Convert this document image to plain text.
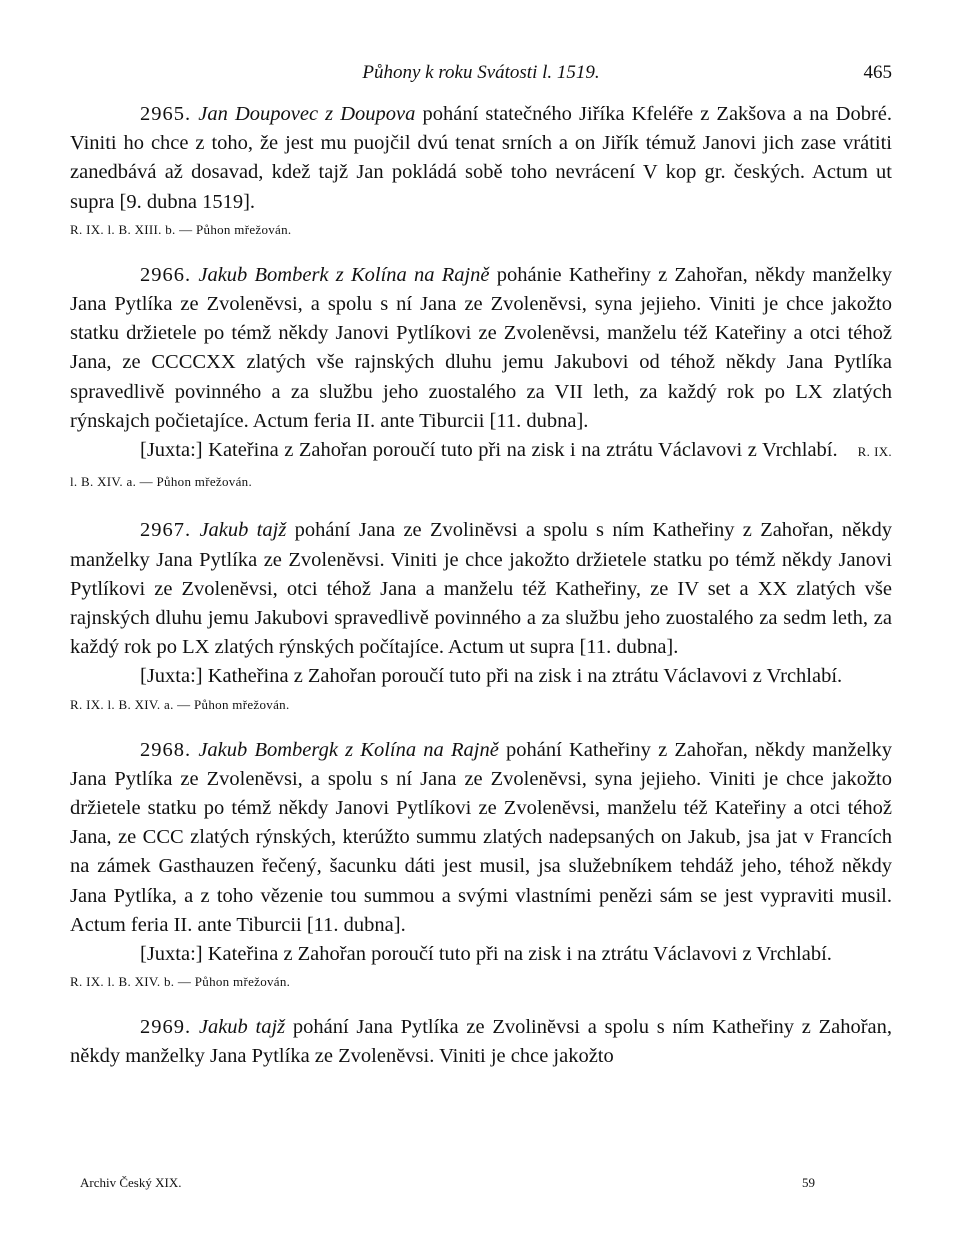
Půhony k roku Svátosti l. 1519.	465

2965. Jan Doupovec z Doupova pohání statečného Jiříka Kfeléře z Zakšova a na Dobré. Viniti ho chce z toho, že jest mu puojčil dvú tenat srních a on Jiřík témuž Janovi jich zase vrátiti zanedbává až dosavad, kdež tajž Jan pokládá sobě toho nevrácení V kop gr. českých. Actum ut supra [9. dubna 1519].

R. IX. l. B. XIII. b. — Půhon mřežován.

2966. Jakub Bomberk z Kolína na Rajně pohánie Katheřiny z Zahořan, někdy manželky Jana Pytlíka ze Zvolenĕvsi, a spolu s ní Jana ze Zvolenĕvsi, syna jejieho. Viniti je chce jakožto statku držietele po témž někdy Janovi Pytlíkovi ze Zvolenĕvsi, manželu též Kateřiny a otci téhož Jana, ze CCCCXX zlatých vše rajnských dluhu jemu Jakubovi od téhož někdy Jana Pytlíka spravedlivě povinného a za službu jeho zuostalého za VII leth, za každý rok po LX zlatých rýnskajch počietajíce. Actum feria II. ante Tiburcii [11. dubna].

[Juxta:] Kateřina z Zahořan poroučí tuto při na zisk i na ztrátu Václavovi z Vrchlabí. R. IX. l. B. XIV. a. — Půhon mřežován.

2967. Jakub tajž pohání Jana ze Zvolinĕvsi a spolu s ním Katheřiny z Zahořan, někdy manželky Jana Pytlíka ze Zvolenĕvsi. Viniti je chce jakožto držietele statku po témž někdy Janovi Pytlíkovi ze Zvolenĕvsi, otci téhož Jana a manželu též Katheřiny, ze IV set a XX zlatých vše rajnských dluhu jemu Jakubovi spravedlivě povinného a za službu jeho zuostalého za sedm leth, za každý rok po LX zlatých rýnských počítajíce. Actum ut supra [11. dubna].

[Juxta:] Katheřina z Zahořan poroučí tuto při na zisk i na ztrátu Václavovi z Vrchlabí.

R. IX. l. B. XIV. a. — Půhon mřežován.

2968. Jakub Bombergk z Kolína na Rajně pohání Katheřiny z Zahořan, někdy manželky Jana Pytlíka ze Zvolenĕvsi, a spolu s ní Jana ze Zvolenĕvsi, syna jejieho. Viniti je chce jakožto držietele statku po témž někdy Janovi Pytlíkovi ze Zvolenĕvsi, manželu též Kateřiny a otci téhož Jana, ze CCC zlatých rýnských, kterúžto summu zlatých nadepsaných on Jakub, jsa jat v Francích na zámek Gasthauzen řečený, šacunku dáti jest musil, jsa služebníkem tehdáž jeho, téhož někdy Jana Pytlíka, a z toho vězenie tou summou a svými vlastními penězi sám se jest vypraviti musil. Actum feria II. ante Tiburcii [11. dubna].

[Juxta:] Kateřina z Zahořan poroučí tuto při na zisk i na ztrátu Václavovi z Vrchlabí.

R. IX. l. B. XIV. b. — Půhon mřežován.

2969. Jakub tajž pohání Jana Pytlíka ze Zvolinĕvsi a spolu s ním Katheřiny z Zahořan, někdy manželky Jana Pytlíka ze Zvolenĕvsi. Viniti je chce jakožto

Archiv Český XIX.	59
